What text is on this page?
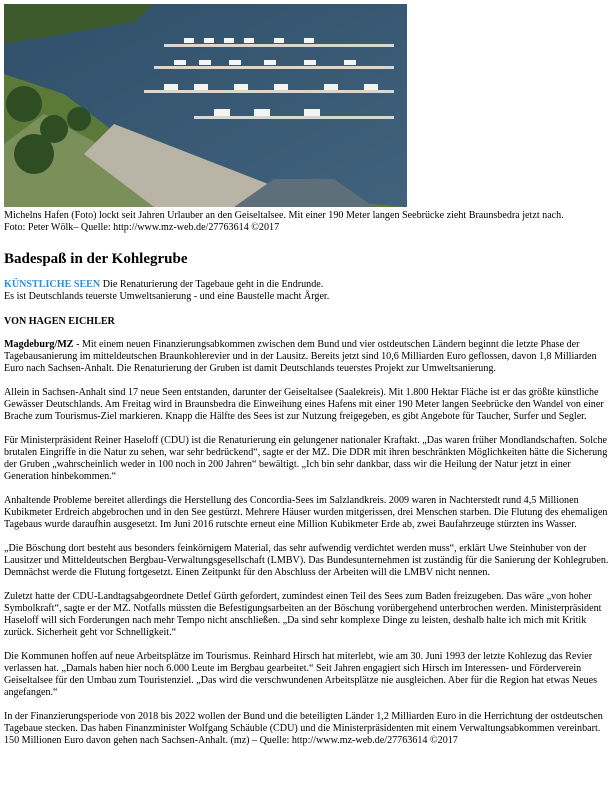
Michelns Hafen (Foto) lockt seit Jahren Urlauber an den Geiseltalsee. Mit einer 190 Meter langen Seebrücke zieht Braunsbedra jetzt nach.
Foto: Peter Wölk– Quelle: http://www.mz-web.de/27763614 ©2017
Badespaß in der Kohlegrube
KÜNSTLICHE SEEN Die Renaturierung der Tagebaue geht in die Endrunde.
Es ist Deutschlands teuerste Umweltsanierung - und eine Baustelle macht Ärger.
VON HAGEN EICHLER

Magdeburg/MZ - Mit einem neuen Finanzierungsabkommen zwischen dem Bund und vier ostdeutschen Ländern beginnt die letzte Phase der Tagebausanierung im mitteldeutschen Braunkohlerevier und in der Lausitz. Bereits jetzt sind 10,6 Milliarden Euro geflossen, davon 1,8 Milliarden Euro nach Sachsen-Anhalt. Die Renaturierung der Gruben ist damit Deutschlands teuerstes Projekt zur Umweltsanierung.

Allein in Sachsen-Anhalt sind 17 neue Seen entstanden, darunter der Geiseltalsee (Saalekreis). Mit 1.800 Hektar Fläche ist er das größte künstliche Gewässer Deutschlands. Am Freitag wird in Braunsbedra die Einweihung eines Hafens mit einer 190 Meter langen Seebrücke den Wandel von einer Brache zum Tourismus-Ziel markieren. Knapp die Hälfte des Sees ist zur Nutzung freigegeben, es gibt Angebote für Taucher, Surfer und Segler.

Für Ministerpräsident Reiner Haseloff (CDU) ist die Renaturierung ein gelungener nationaler Kraftakt. „Das waren früher Mondlandschaften. Solche brutalen Eingriffe in die Natur zu sehen, war sehr bedrückend“, sagte er der MZ. Die DDR mit ihren beschränkten Möglichkeiten hätte die Sicherung der Gruben „wahrscheinlich weder in 100 noch in 200 Jahren“ bewältigt. „Ich bin sehr dankbar, dass wir die Heilung der Natur jetzt in einer Generation hinbekommen.“

Anhaltende Probleme bereitet allerdings die Herstellung des Concordia-Sees im Salzlandkreis. 2009 waren in Nachterstedt rund 4,5 Millionen Kubikmeter Erdreich abgebrochen und in den See gestürzt. Mehrere Häuser wurden mitgerissen, drei Menschen starben. Die Flutung des ehemaligen Tagebaus wurde daraufhin ausgesetzt. Im Juni 2016 rutschte erneut eine Million Kubikmeter Erde ab, zwei Baufahrzeuge stürzten ins Wasser.

„Die Böschung dort besteht aus besonders feinkörnigem Material, das sehr aufwendig verdichtet werden muss“, erklärt Uwe Steinhuber von der Lausitzer und Mitteldeutschen Bergbau-Verwaltungsgesellschaft (LMBV). Das Bundesunternehmen ist zuständig für die Sanierung der Kohlegruben. Demnächst werde die Flutung fortgesetzt. Einen Zeitpunkt für den Abschluss der Arbeiten will die LMBV nicht nennen.

Zuletzt hatte der CDU-Landtagsabgeordnete Detlef Gürth gefordert, zumindest einen Teil des Sees zum Baden freizugeben. Das wäre „von hoher Symbolkraft“, sagte er der MZ. Notfalls müssten die Befestigungsarbeiten an der Böschung vorübergehend unterbrochen werden. Ministerpräsident Haseloff will sich Forderungen nach mehr Tempo nicht anschließen. „Da sind sehr komplexe Dinge zu leisten, deshalb halte ich mich mit Kritik zurück. Sicherheit geht vor Schnelligkeit.“

Die Kommunen hoffen auf neue Arbeitsplätze im Tourismus. Reinhard Hirsch hat miterlebt, wie am 30. Juni 1993 der letzte Kohlezug das Revier verlassen hat. „Damals haben hier noch 6.000 Leute im Bergbau gearbeitet.“ Seit Jahren engagiert sich Hirsch im Interessen- und Förderverein Geiseltalsee für den Umbau zum Touristenziel. „Das wird die verschwundenen Arbeitsplätze nie ausgleichen. Aber für die Region hat etwas Neues angefangen.“

In der Finanzierungsperiode von 2018 bis 2022 wollen der Bund und die beteiligten Länder 1,2 Milliarden Euro in die Herrichtung der ostdeutschen Tagebaue stecken. Das haben Finanzminister Wolfgang Schäuble (CDU) und die Ministerpräsidenten mit einem Verwaltungsabkommen vereinbart. 150 Millionen Euro davon gehen nach Sachsen-Anhalt. (mz) – Quelle: http://www.mz-web.de/27763614 ©2017
